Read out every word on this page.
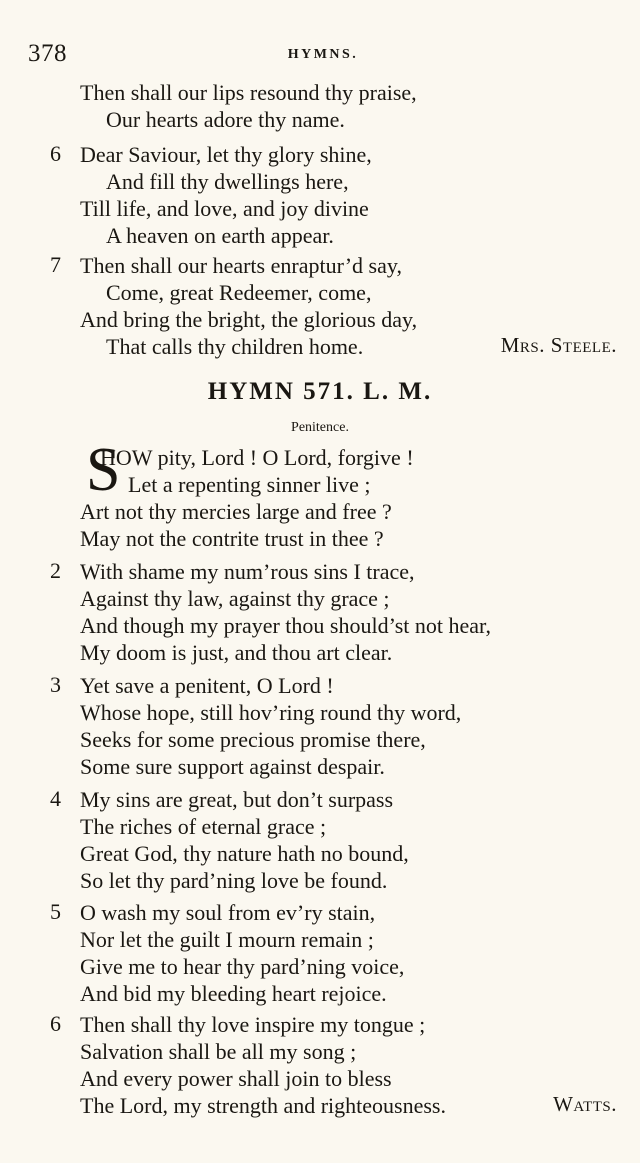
378	HYMNS.
Then shall our lips resound thy praise,
Our hearts adore thy name.
6 Dear Saviour, let thy glory shine,
And fill thy dwellings here,
Till life, and love, and joy divine
A heaven on earth appear.
7 Then shall our hearts enraptur’d say,
Come, great Redeemer, come,
And bring the bright, the glorious day,
That calls thy children home.	Mrs. Steele.
HYMN 571. L. M.
Penitence.
S
HOW pity, Lord ! O Lord, forgive !
Let a repenting sinner live ;
Art not thy mercies large and free ?
May not the contrite trust in thee ?
2 With shame my num’rous sins I trace,
Against thy law, against thy grace ;
And though my prayer thou should’st not hear,
My doom is just, and thou art clear.
3 Yet save a penitent, O Lord !
Whose hope, still hov’ring round thy word,
Seeks for some precious promise there,
Some sure support against despair.
4 My sins are great, but don’t surpass
The riches of eternal grace ;
Great God, thy nature hath no bound,
So let thy pard’ning love be found.
5 O wash my soul from ev’ry stain,
Nor let the guilt I mourn remain ;
Give me to hear thy pard’ning voice,
And bid my bleeding heart rejoice.
6 Then shall thy love inspire my tongue ;
Salvation shall be all my song ;
And every power shall join to bless
The Lord, my strength and righteousness.	Watts.
